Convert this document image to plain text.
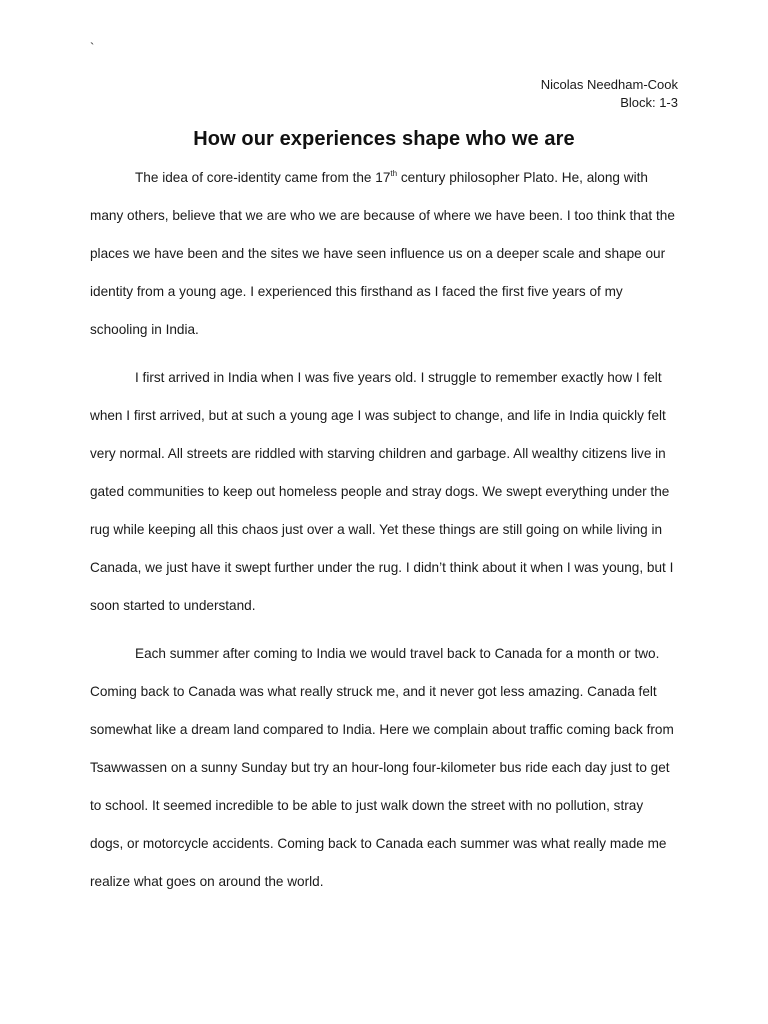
`
Nicolas Needham-Cook
Block: 1-3
How our experiences shape who we are

The idea of core-identity came from the 17th century philosopher Plato. He, along with many others, believe that we are who we are because of where we have been. I too think that the places we have been and the sites we have seen influence us on a deeper scale and shape our identity from a young age. I experienced this firsthand as I faced the first five years of my schooling in India.

I first arrived in India when I was five years old. I struggle to remember exactly how I felt when I first arrived, but at such a young age I was subject to change, and life in India quickly felt very normal. All streets are riddled with starving children and garbage. All wealthy citizens live in gated communities to keep out homeless people and stray dogs. We swept everything under the rug while keeping all this chaos just over a wall. Yet these things are still going on while living in Canada, we just have it swept further under the rug. I didn’t think about it when I was young, but I soon started to understand.

Each summer after coming to India we would travel back to Canada for a month or two. Coming back to Canada was what really struck me, and it never got less amazing. Canada felt somewhat like a dream land compared to India. Here we complain about traffic coming back from Tsawwassen on a sunny Sunday but try an hour-long four-kilometer bus ride each day just to get to school. It seemed incredible to be able to just walk down the street with no pollution, stray dogs, or motorcycle accidents. Coming back to Canada each summer was what really made me realize what goes on around the world.
